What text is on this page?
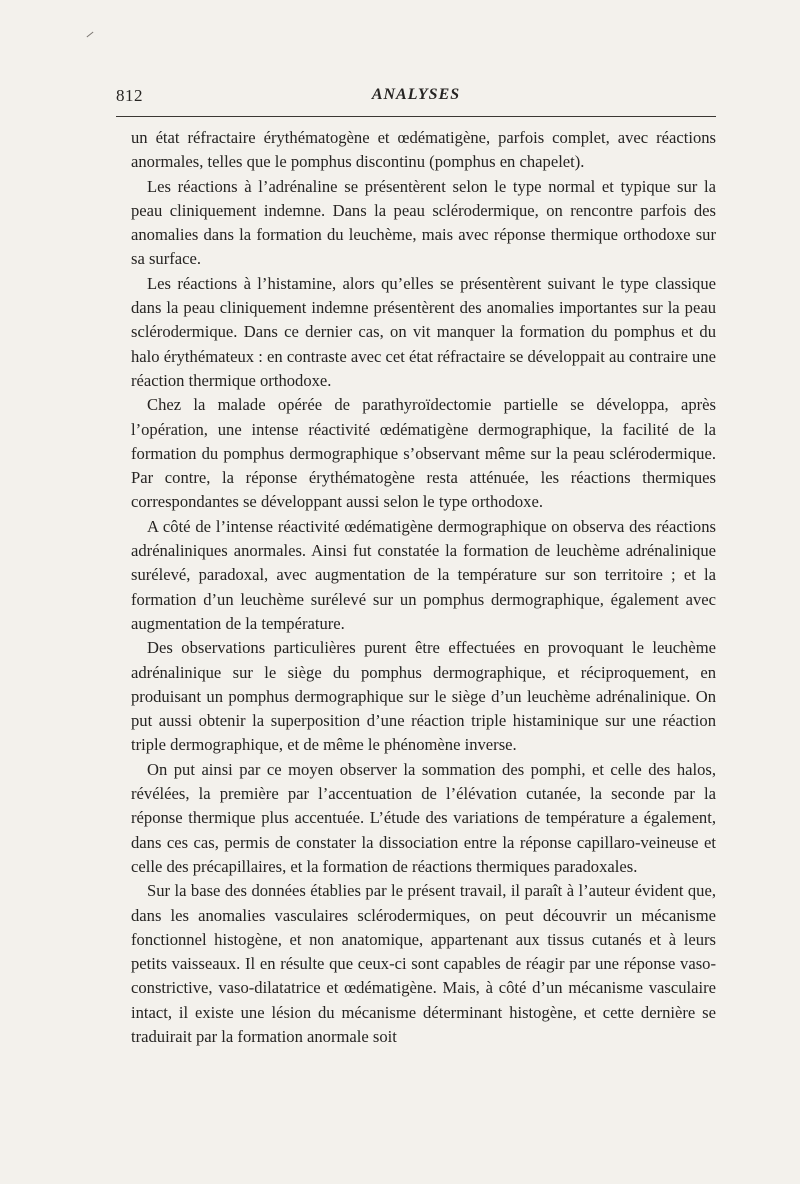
812	ANALYSES

un état réfractaire érythématogène et œdématigène, parfois complet, avec réactions anormales, telles que le pomphus discontinu (pomphus en chapelet).

Les réactions à l’adrénaline se présentèrent selon le type normal et typique sur la peau cliniquement indemne. Dans la peau sclérodermique, on rencontre parfois des anomalies dans la formation du leuchème, mais avec réponse thermique orthodoxe sur sa surface.

Les réactions à l’histamine, alors qu’elles se présentèrent suivant le type classique dans la peau cliniquement indemne présentèrent des anomalies importantes sur la peau sclérodermique. Dans ce dernier cas, on vit manquer la formation du pomphus et du halo érythémateux : en contraste avec cet état réfractaire se développait au contraire une réaction thermique orthodoxe.

Chez la malade opérée de parathyroïdectomie partielle se développa, après l’opération, une intense réactivité œdématigène dermographique, la facilité de la formation du pomphus dermographique s’observant même sur la peau sclérodermique. Par contre, la réponse érythématogène resta atténuée, les réactions thermiques correspondantes se développant aussi selon le type orthodoxe.

A côté de l’intense réactivité œdématigène dermographique on observa des réactions adrénaliniques anormales. Ainsi fut constatée la formation de leuchème adrénalinique surélevé, paradoxal, avec augmentation de la température sur son territoire ; et la formation d’un leuchème surélevé sur un pomphus dermographique, également avec augmentation de la température.

Des observations particulières purent être effectuées en provoquant le leuchème adrénalinique sur le siège du pomphus dermographique, et réciproquement, en produisant un pomphus dermographique sur le siège d’un leuchème adrénalinique. On put aussi obtenir la superposition d’une réaction triple histaminique sur une réaction triple dermographique, et de même le phénomène inverse.

On put ainsi par ce moyen observer la sommation des pomphi, et celle des halos, révélées, la première par l’accentuation de l’élévation cutanée, la seconde par la réponse thermique plus accentuée. L’étude des variations de température a également, dans ces cas, permis de constater la dissociation entre la réponse capillaro-veineuse et celle des précapillaires, et la formation de réactions thermiques paradoxales.

Sur la base des données établies par le présent travail, il paraît à l’auteur évident que, dans les anomalies vasculaires sclérodermiques, on peut découvrir un mécanisme fonctionnel histogène, et non anatomique, appartenant aux tissus cutanés et à leurs petits vaisseaux. Il en résulte que ceux-ci sont capables de réagir par une réponse vaso-constrictive, vaso-dilatatrice et œdématigène. Mais, à côté d’un mécanisme vasculaire intact, il existe une lésion du mécanisme déterminant histogène, et cette dernière se traduirait par la formation anormale soit
